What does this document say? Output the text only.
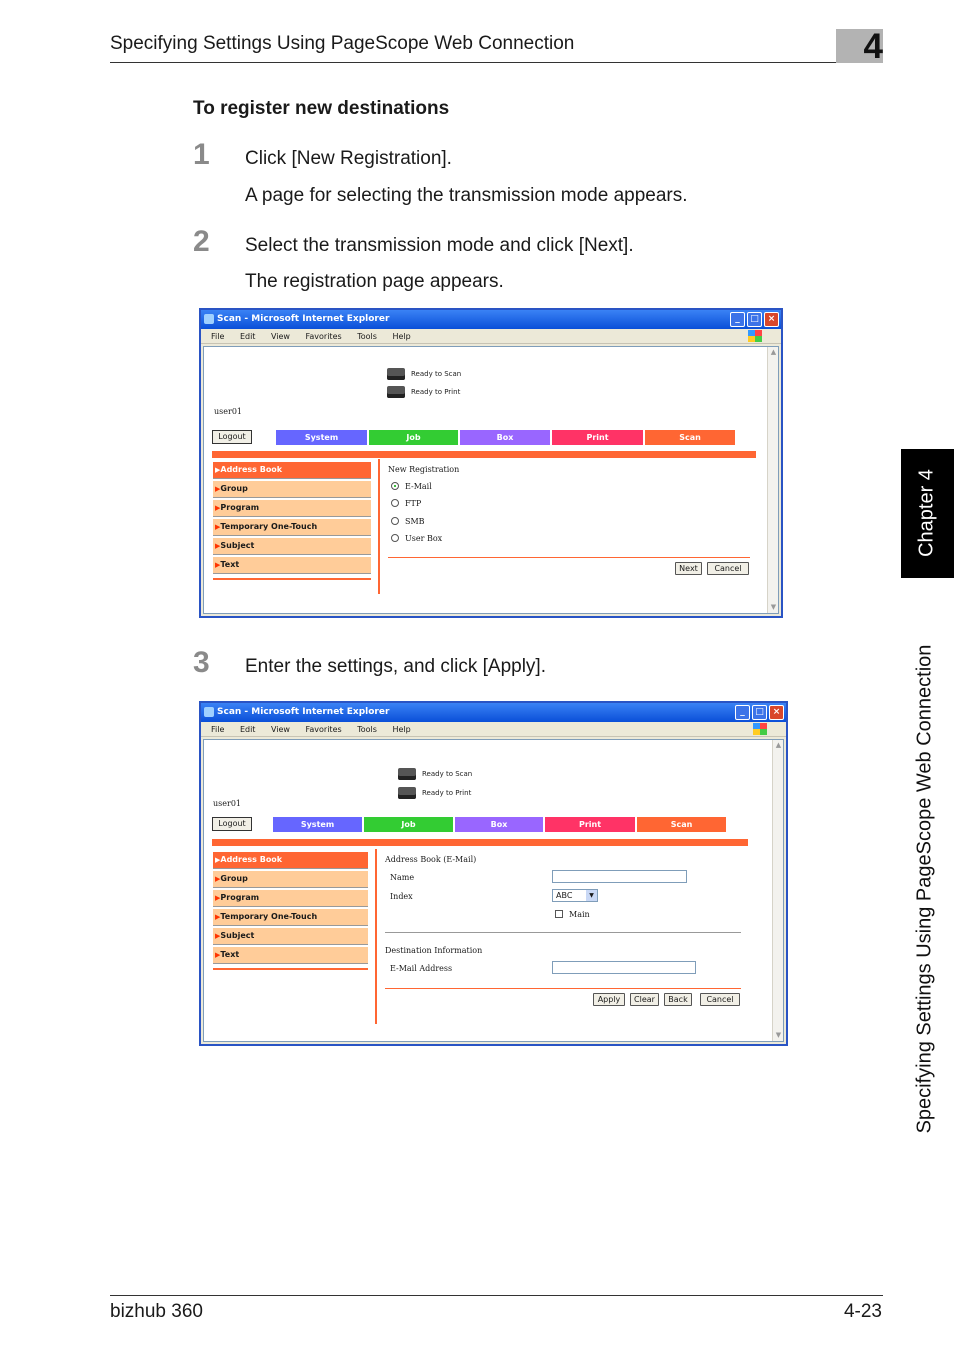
Specifying Settings Using PageScope Web Connection	4
Chapter 4
Specifying Settings Using PageScope Web Connection
To register new destinations
1 Click [New Registration].
A page for selecting the transmission mode appears.
2 Select the transmission mode and click [Next].
The registration page appears.
Scan - Microsoft Internet Explorer	_	□ ×
File Edit View Favorites Tools Help
▲
▼
Ready to Scan
Ready to Print
user01
Logout	System	Job	Box	Print	Scan
▶Address Book
▶Group
▶Program
▶Temporary One-Touch
▶Subject
▶Text
New Registration
E-Mail
FTP
SMB
User Box
Next	Cancel
3 Enter the settings, and click [Apply].
Scan - Microsoft Internet Explorer	_	□ ×
File Edit View Favorites Tools Help
▲
▼
Ready to Scan
Ready to Print
user01
Logout	System	Job	Box	Print	Scan
▶Address Book
▶Group
▶Program
▶Temporary One-Touch
▶Subject
▶Text
Address Book (E-Mail)
Name
Index	ABC	▼
Main
Destination Information
E-Mail Address
Apply	Clear	Back	Cancel
bizhub 360	4-23
